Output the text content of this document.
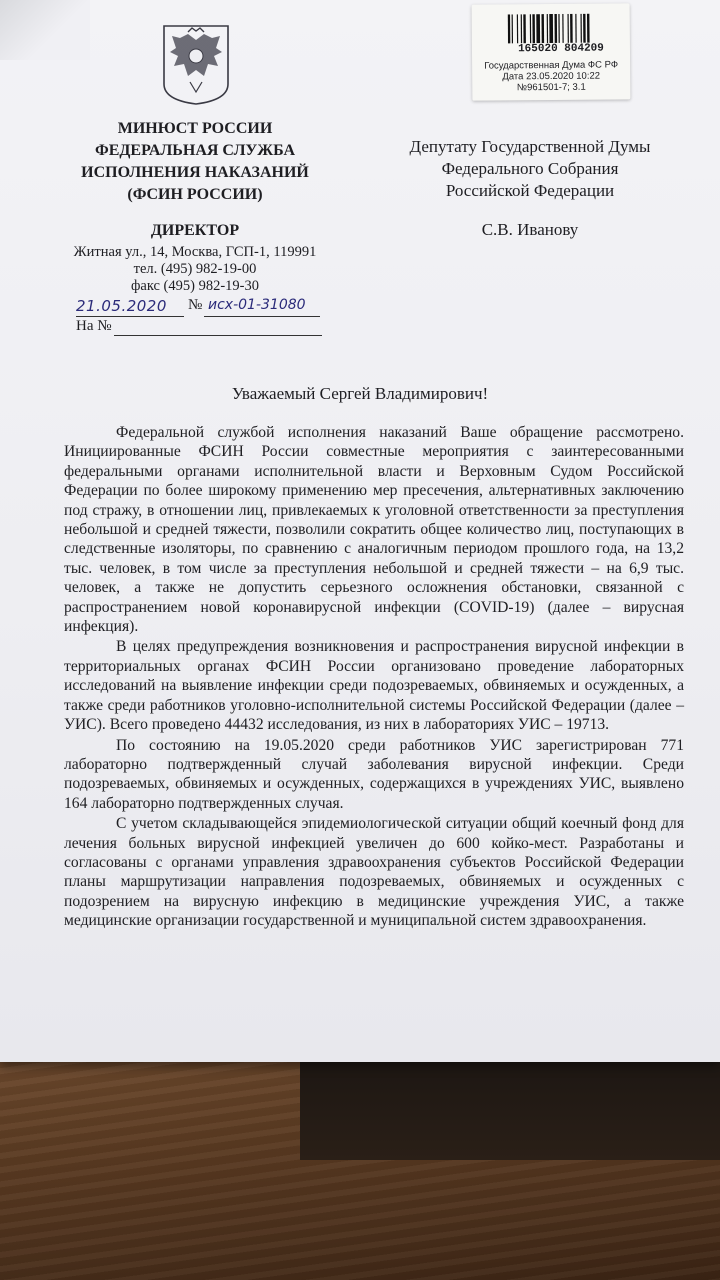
МИНЮСТ РОССИИ
ФЕДЕРАЛЬНАЯ СЛУЖБА
ИСПОЛНЕНИЯ НАКАЗАНИЙ
(ФСИН РОССИИ)
ДИРЕКТОР
Житная ул., 14, Москва, ГСП-1, 119991
тел. (495) 982-19-00
факс (495) 982-19-30
21.05.2020 № исх-01-31080
На №
165020 804209
Государственная Дума ФС РФ
Дата 23.05.2020 10:22
№961501-7; 3.1
Депутату Государственной Думы
Федерального Собрания
Российской Федерации
С.В. Иванову
Уважаемый Сергей Владимирович!

Федеральной службой исполнения наказаний Ваше обращение рассмотрено. Инициированные ФСИН России совместные мероприятия с заинтересованными федеральными органами исполнительной власти и Верховным Судом Российской Федерации по более широкому применению мер пресечения, альтернативных заключению под стражу, в отношении лиц, привлекаемых к уголовной ответственности за преступления небольшой и средней тяжести, позволили сократить общее количество лиц, поступающих в следственные изоляторы, по сравнению с аналогичным периодом прошлого года, на 13,2 тыс. человек, в том числе за преступления небольшой и средней тяжести – на 6,9 тыс. человек, а также не допустить серьезного осложнения обстановки, связанной с распространением новой коронавирусной инфекции (COVID-19) (далее – вирусная инфекция).

В целях предупреждения возникновения и распространения вирусной инфекции в территориальных органах ФСИН России организовано проведение лабораторных исследований на выявление инфекции среди подозреваемых, обвиняемых и осужденных, а также среди работников уголовно-исполнительной системы Российской Федерации (далее – УИС). Всего проведено 44432 исследования, из них в лабораториях УИС – 19713.

По состоянию на 19.05.2020 среди работников УИС зарегистрирован 771 лабораторно подтвержденный случай заболевания вирусной инфекции. Среди подозреваемых, обвиняемых и осужденных, содержащихся в учреждениях УИС, выявлено 164 лабораторно подтвержденных случая.

С учетом складывающейся эпидемиологической ситуации общий коечный фонд для лечения больных вирусной инфекцией увеличен до 600 койко-мест. Разработаны и согласованы с органами управления здравоохранения субъектов Российской Федерации планы маршрутизации направления подозреваемых, обвиняемых и осужденных с подозрением на вирусную инфекцию в медицинские учреждения УИС, а также медицинские организации государственной и муниципальной систем здравоохранения.
